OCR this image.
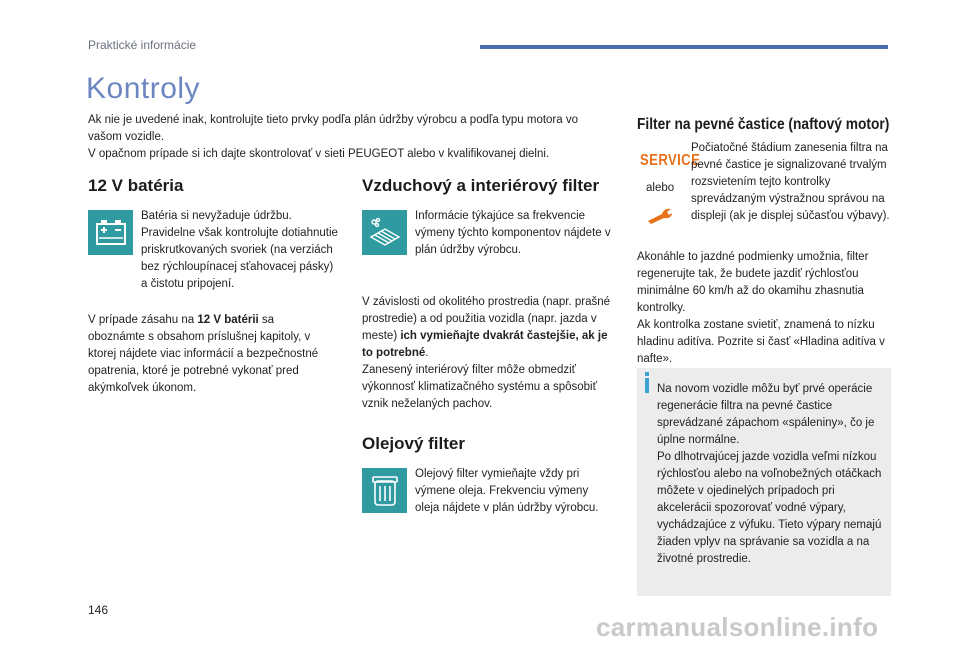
Praktické informácie
Kontroly
Ak nie je uvedené inak, kontrolujte tieto prvky podľa plán údržby výrobcu a podľa typu motora vo vašom vozidle.
V opačnom prípade si ich dajte skontrolovať v sieti PEUGEOT alebo v kvalifikovanej dielni.
12 V batéria
Batéria si nevyžaduje údržbu. Pravidelne však kontrolujte dotiahnutie priskrutkovaných svoriek (na verziách bez rýchloupínacej sťahovacej pásky) a čistotu pripojení.
V prípade zásahu na 12 V batérii sa oboznámte s obsahom príslušnej kapitoly, v ktorej nájdete viac informácií a bezpečnostné opatrenia, ktoré je potrebné vykonať pred akýmkoľvek úkonom.
Vzduchový a interiérový filter
Informácie týkajúce sa frekvencie výmeny týchto komponentov nájdete v plán údržby výrobcu.
V závislosti od okolitého prostredia (napr. prašné prostredie) a od použitia vozidla (napr. jazda v meste) ich vymieňajte dvakrát častejšie, ak je to potrebné.
Zanesený interiérový filter môže obmedziť výkonnosť klimatizačného systému a spôsobiť vznik neželaných pachov.
Olejový filter
Olejový filter vymieňajte vždy pri výmene oleja. Frekvenciu výmeny oleja nájdete v plán údržby výrobcu.
Filter na pevné častice (naftový motor)
SERVICE
alebo
Počiatočné štádium zanesenia filtra na pevné častice je signalizované trvalým rozsvietením tejto kontrolky sprevádzaným výstražnou správou na displeji (ak je displej súčasťou výbavy).
Akonáhle to jazdné podmienky umožnia, filter regenerujte tak, že budete jazdiť rýchlosťou minimálne 60 km/h až do okamihu zhasnutia kontrolky.
Ak kontrolka zostane svietiť, znamená to nízku hladinu aditíva. Pozrite si časť «Hladina aditíva v nafte».
Na novom vozidle môžu byť prvé operácie regenerácie filtra na pevné častice sprevádzané zápachom «spáleniny», čo je úplne normálne.
Po dlhotrvajúcej jazde vozidla veľmi nízkou rýchlosťou alebo na voľnobežných otáčkach môžete v ojedinelých prípadoch pri akcelerácii spozorovať vodné výpary, vychádzajúce z výfuku. Tieto výpary nemajú žiaden vplyv na správanie sa vozidla a na životné prostredie.
146
carmanualsonline.info
